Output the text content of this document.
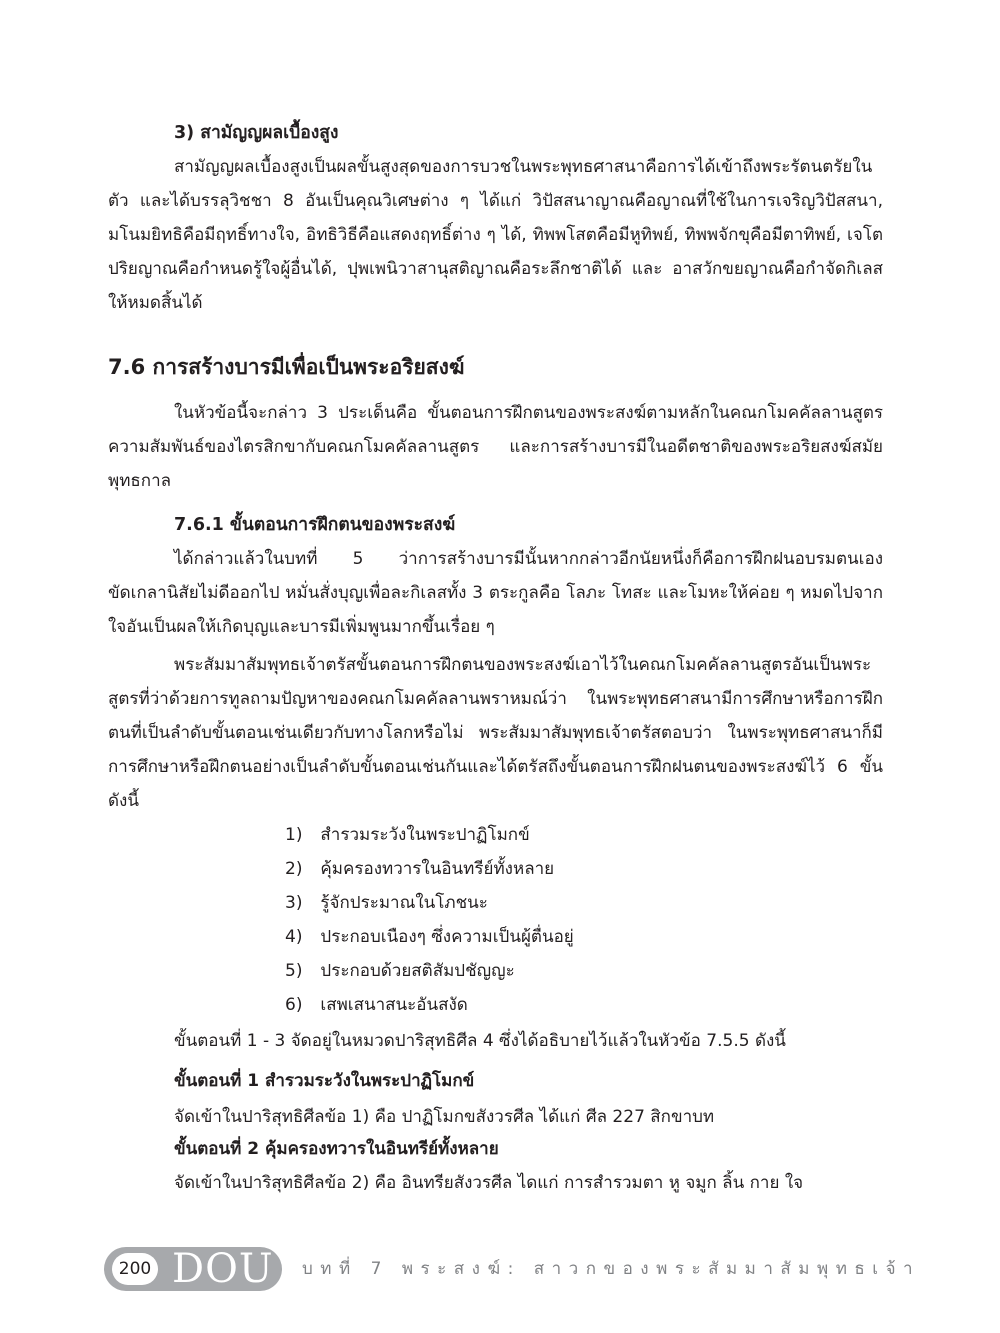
3) สามัญญผลเบื้องสูง

สามัญญผลเบื้องสูงเป็นผลขั้นสูงสุดของการบวชในพระพุทธศาสนาคือการได้เข้าถึงพระรัตนตรัยในตัว และได้บรรลุวิชชา 8 อันเป็นคุณวิเศษต่าง ๆ ได้แก่ วิปัสสนาญาณคือญาณที่ใช้ในการเจริญวิปัสสนา, มโนมยิทธิคือมีฤทธิ์ทางใจ, อิทธิวิธีคือแสดงฤทธิ์ต่าง ๆ ได้, ทิพพโสตคือมีหูทิพย์, ทิพพจักขุคือมีตาทิพย์, เจโตปริยญาณคือกำหนดรู้ใจผู้อื่นได้, ปุพเพนิวาสานุสติญาณคือระลึกชาติได้ และ อาสวักขยญาณคือกำจัดกิเลสให้หมดสิ้นได้

7.6 การสร้างบารมีเพื่อเป็นพระอริยสงฆ์

ในหัวข้อนี้จะกล่าว 3 ประเด็นคือ ขั้นตอนการฝึกตนของพระสงฆ์ตามหลักในคณกโมคคัลลานสูตร ความสัมพันธ์ของไตรสิกขากับคณกโมคคัลลานสูตร และการสร้างบารมีในอดีตชาติของพระอริยสงฆ์สมัยพุทธกาล

7.6.1 ขั้นตอนการฝึกตนของพระสงฆ์

ได้กล่าวแล้วในบทที่ 5 ว่าการสร้างบารมีนั้นหากกล่าวอีกนัยหนึ่งก็คือการฝึกฝนอบรมตนเอง ขัดเกลานิสัยไม่ดีออกไป หมั่นสั่งบุญเพื่อละกิเลสทั้ง 3 ตระกูลคือ โลภะ โทสะ และโมหะให้ค่อย ๆ หมดไปจากใจอันเป็นผลให้เกิดบุญและบารมีเพิ่มพูนมากขึ้นเรื่อย ๆ

พระสัมมาสัมพุทธเจ้าตรัสขั้นตอนการฝึกตนของพระสงฆ์เอาไว้ในคณกโมคคัลลานสูตรอันเป็นพระสูตรที่ว่าด้วยการทูลถามปัญหาของคณกโมคคัลลานพราหมณ์ว่า ในพระพุทธศาสนามีการศึกษาหรือการฝึกตนที่เป็นลำดับขั้นตอนเช่นเดียวกับทางโลกหรือไม่ พระสัมมาสัมพุทธเจ้าตรัสตอบว่า ในพระพุทธศาสนาก็มีการศึกษาหรือฝึกตนอย่างเป็นลำดับขั้นตอนเช่นกันและได้ตรัสถึงขั้นตอนการฝึกฝนตนของพระสงฆ์ไว้ 6 ขั้นดังนี้

1) สำรวมระวังในพระปาฏิโมกข์
2) คุ้มครองทวารในอินทรีย์ทั้งหลาย
3) รู้จักประมาณในโภชนะ
4) ประกอบเนืองๆ ซึ่งความเป็นผู้ตื่นอยู่
5) ประกอบด้วยสติสัมปชัญญะ
6) เสพเสนาสนะอันสงัด

ขั้นตอนที่ 1 - 3 จัดอยู่ในหมวดปาริสุทธิศีล 4 ซึ่งได้อธิบายไว้แล้วในหัวข้อ 7.5.5 ดังนี้

ขั้นตอนที่ 1 สำรวมระวังในพระปาฏิโมกข์

จัดเข้าในปาริสุทธิศีลข้อ 1) คือ ปาฏิโมกขสังวรศีล ได้แก่ ศีล 227 สิกขาบท

ขั้นตอนที่ 2 คุ้มครองทวารในอินทรีย์ทั้งหลาย

จัดเข้าในปาริสุทธิศีลข้อ 2) คือ อินทรียสังวรศีล ไดแก่ การสำรวมตา หู จมูก ลิ้น กาย ใจ

200 DOU บทที่ 7 พระสงฆ์: สาวกของพระสัมมาสัมพุทธเจ้า
